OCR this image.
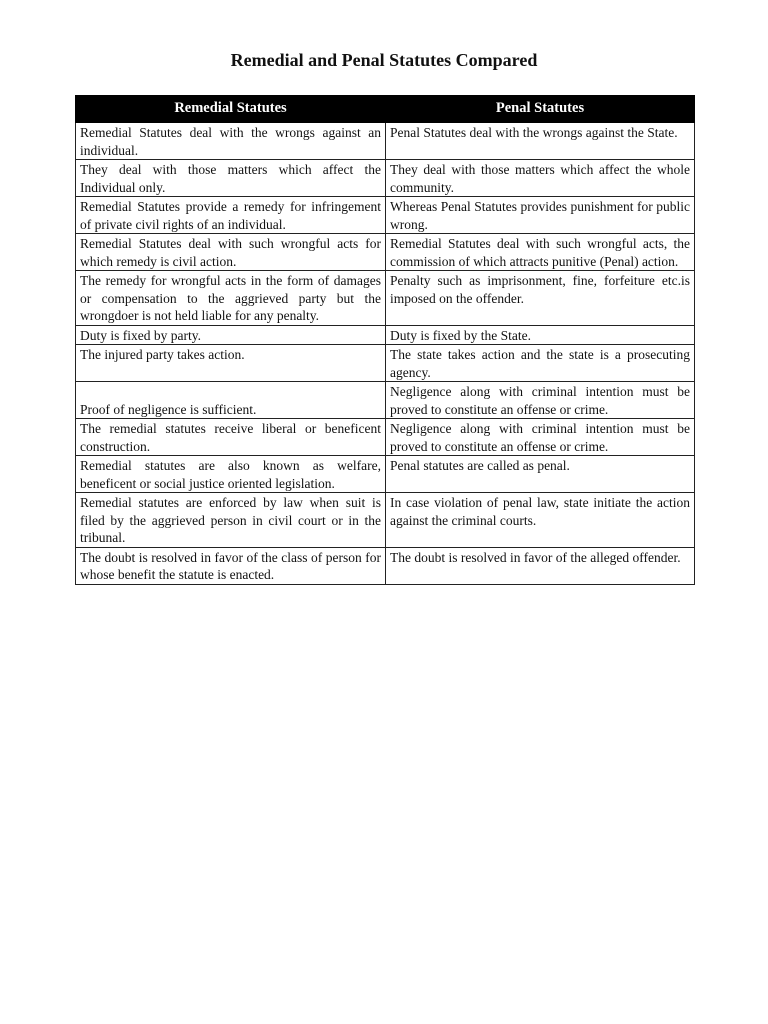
Remedial and Penal Statutes Compared
Remedial Statutes	Penal Statutes
Remedial Statutes deal with the wrongs against an individual.	Penal Statutes deal with the wrongs against the State.
They deal with those matters which affect the Individual only.	They deal with those matters which affect the whole community.
Remedial Statutes provide a remedy for infringement of private civil rights of an individual.	Whereas Penal Statutes provides punishment for public wrong.
Remedial Statutes deal with such wrongful acts for which remedy is civil action.	Remedial Statutes deal with such wrongful acts, the commission of which attracts punitive (Penal) action.
The remedy for wrongful acts in the form of damages or compensation to the aggrieved party but the wrongdoer is not held liable for any penalty.	Penalty such as imprisonment, fine, forfeiture etc.is imposed on the offender.
Duty is fixed by party.	Duty is fixed by the State.
The injured party takes action.	The state takes action and the state is a prosecuting agency.
Proof of negligence is sufficient.	Negligence along with criminal intention must be proved to constitute an offense or crime.
The remedial statutes receive liberal or beneficent construction.	Negligence along with criminal intention must be proved to constitute an offense or crime.
Remedial statutes are also known as welfare, beneficent or social justice oriented legislation.	Penal statutes are called as penal.
Remedial statutes are enforced by law when suit is filed by the aggrieved person in civil court or in the tribunal.	In case violation of penal law, state initiate the action against the criminal courts.
The doubt is resolved in favor of the class of person for whose benefit the statute is enacted.	The doubt is resolved in favor of the alleged offender.
